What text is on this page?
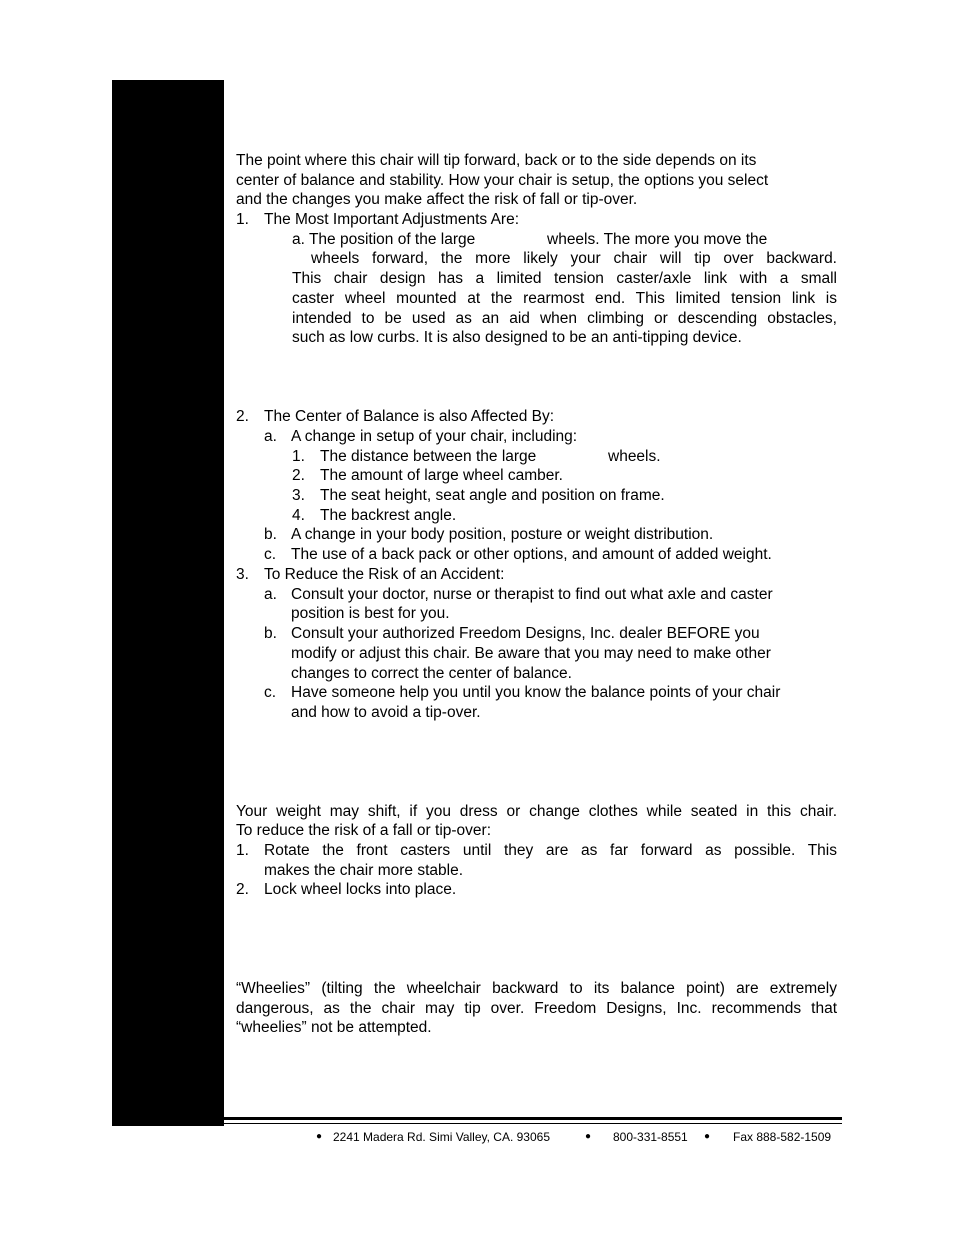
The point where this chair will tip forward, back or to the side depends on its
center of balance and stability. How your chair is setup, the options you select
and the changes you make affect the risk of fall or tip-over.
1. The Most Important Adjustments Are:
a. The position of the large	wheels. The more you move the
wheels forward, the more likely your chair will tip over backward.
This chair design has a limited tension caster/axle link with a small
caster wheel mounted at the rearmost end. This limited tension link is
intended to be used as an aid when climbing or descending obstacles,
such as low curbs. It is also designed to be an anti-tipping device.
2. The Center of Balance is also Affected By:
a. A change in setup of your chair, including:
1. The distance between the large	wheels.
2. The amount of large wheel camber.
3. The seat height, seat angle and position on frame.
4. The backrest angle.
b. A change in your body position, posture or weight distribution.
c. The use of a back pack or other options, and amount of added weight.
3. To Reduce the Risk of an Accident:
a. Consult your doctor, nurse or therapist to find out what axle and caster
position is best for you.
b. Consult your authorized Freedom Designs, Inc. dealer BEFORE you
modify or adjust this chair. Be aware that you may need to make other
changes to correct the center of balance.
c. Have someone help you until you know the balance points of your chair
and how to avoid a tip-over.
Your weight may shift, if you dress or change clothes while seated in this chair.
To reduce the risk of a fall or tip-over:
1. Rotate the front casters until they are as far forward as possible. This
makes the chair more stable.
2. Lock wheel locks into place.
“Wheelies” (tilting the wheelchair backward to its balance point) are extremely
dangerous, as the chair may tip over. Freedom Designs, Inc. recommends that
“wheelies” not be attempted.
● 2241 Madera Rd. Simi Valley, CA. 93065	● 800-331-8551 ● Fax 888-582-1509
